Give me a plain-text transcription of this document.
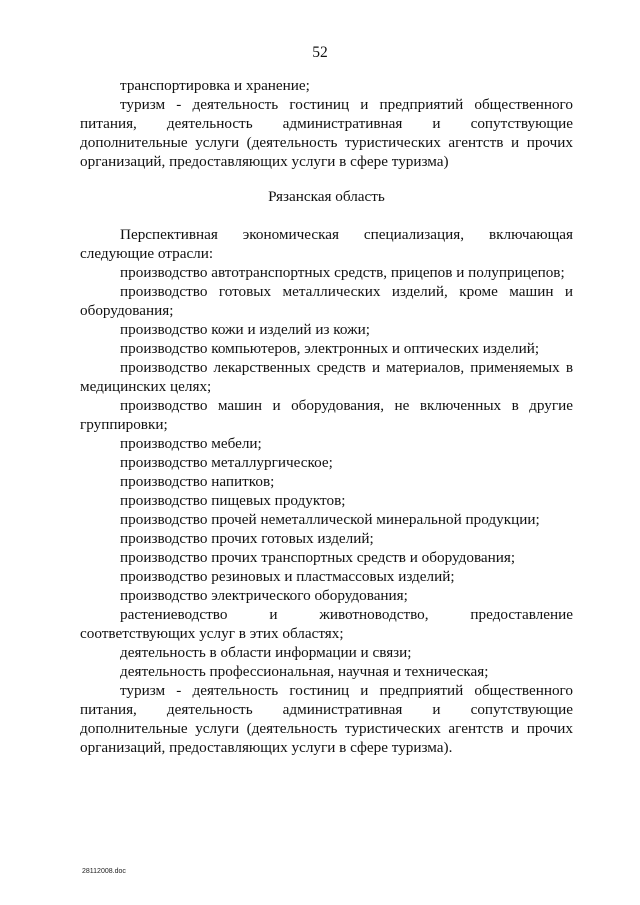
52

транспортировка и хранение;

туризм - деятельность гостиниц и предприятий общественного питания, деятельность административная и сопутствующие дополнительные услуги (деятельность туристических агентств и прочих организаций, предоставляющих услуги в сфере туризма)

Рязанская область

Перспективная экономическая специализация, включающая следующие отрасли:

производство автотранспортных средств, прицепов и полуприцепов;

производство готовых металлических изделий, кроме машин и оборудования;

производство кожи и изделий из кожи;

производство компьютеров, электронных и оптических изделий;

производство лекарственных средств и материалов, применяемых в медицинских целях;

производство машин и оборудования, не включенных в другие группировки;

производство мебели;

производство металлургическое;

производство напитков;

производство пищевых продуктов;

производство прочей неметаллической минеральной продукции;

производство прочих готовых изделий;

производство прочих транспортных средств и оборудования;

производство резиновых и пластмассовых изделий;

производство электрического оборудования;

растениеводство и животноводство, предоставление соответствующих услуг в этих областях;

деятельность в области информации и связи;

деятельность профессиональная, научная и техническая;

туризм - деятельность гостиниц и предприятий общественного питания, деятельность административная и сопутствующие дополнительные услуги (деятельность туристических агентств и прочих организаций, предоставляющих услуги в сфере туризма).

28112008.doc
